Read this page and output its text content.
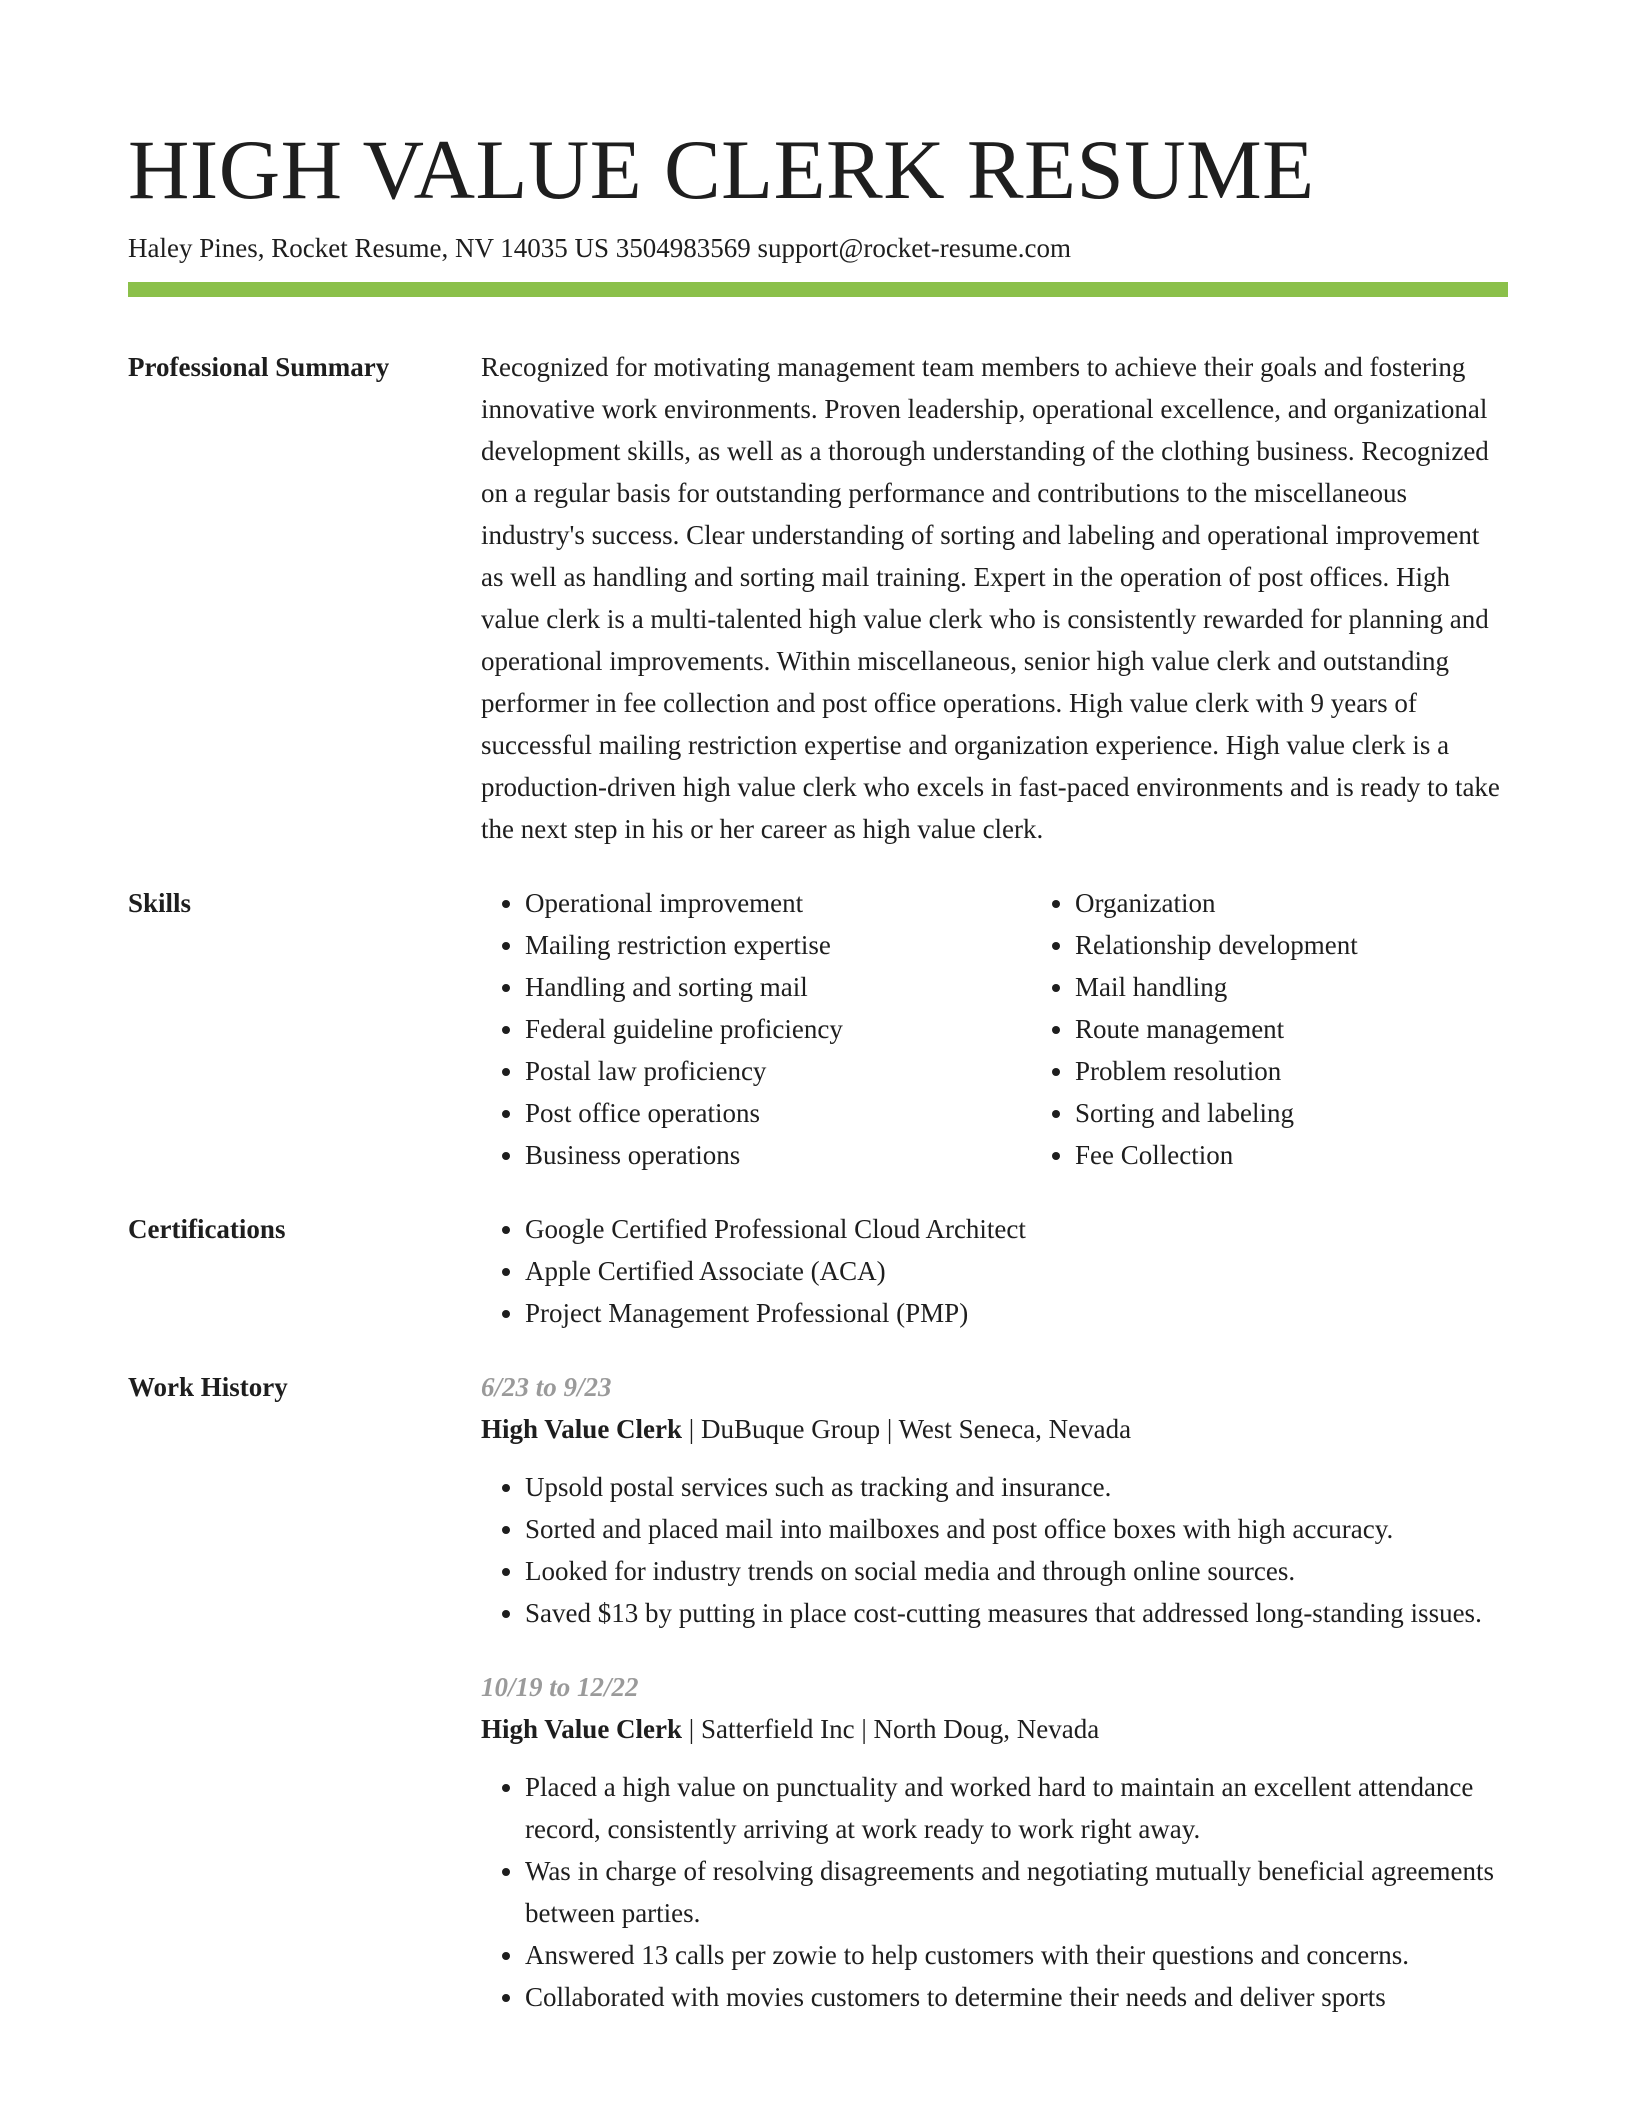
HIGH VALUE CLERK RESUME
Haley Pines, Rocket Resume, NV 14035 US 3504983569 support@rocket-resume.com
Professional Summary	Recognized for motivating management team members to achieve their goals and fostering innovative work environments. Proven leadership, operational excellence, and organizational development skills, as well as a thorough understanding of the clothing business. Recognized on a regular basis for outstanding performance and contributions to the miscellaneous industry's success. Clear understanding of sorting and labeling and operational improvement as well as handling and sorting mail training. Expert in the operation of post offices. High value clerk is a multi-talented high value clerk who is consistently rewarded for planning and operational improvements. Within miscellaneous, senior high value clerk and outstanding performer in fee collection and post office operations. High value clerk with 9 years of successful mailing restriction expertise and organization experience. High value clerk is a production-driven high value clerk who excels in fast-paced environments and is ready to take the next step in his or her career as high value clerk.

Skills	• Operational improvement
• Mailing restriction expertise
• Handling and sorting mail
• Federal guideline proficiency
• Postal law proficiency
• Post office operations
• Business operations
• Organization
• Relationship development
• Mail handling
• Route management
• Problem resolution
• Sorting and labeling
• Fee Collection
Certifications	• Google Certified Professional Cloud Architect
• Apple Certified Associate (ACA)
• Project Management Professional (PMP)
Work History	6/23 to 9/23
High Value Clerk | DuBuque Group | West Seneca, Nevada
• Upsold postal services such as tracking and insurance.
• Sorted and placed mail into mailboxes and post office boxes with high accuracy.
• Looked for industry trends on social media and through online sources.
• Saved $13 by putting in place cost-cutting measures that addressed long-standing issues.
10/19 to 12/22
High Value Clerk | Satterfield Inc | North Doug, Nevada
• Placed a high value on punctuality and worked hard to maintain an excellent attendance record, consistently arriving at work ready to work right away.
• Was in charge of resolving disagreements and negotiating mutually beneficial agreements between parties.
• Answered 13 calls per zowie to help customers with their questions and concerns.
• Collaborated with movies customers to determine their needs and deliver sports
